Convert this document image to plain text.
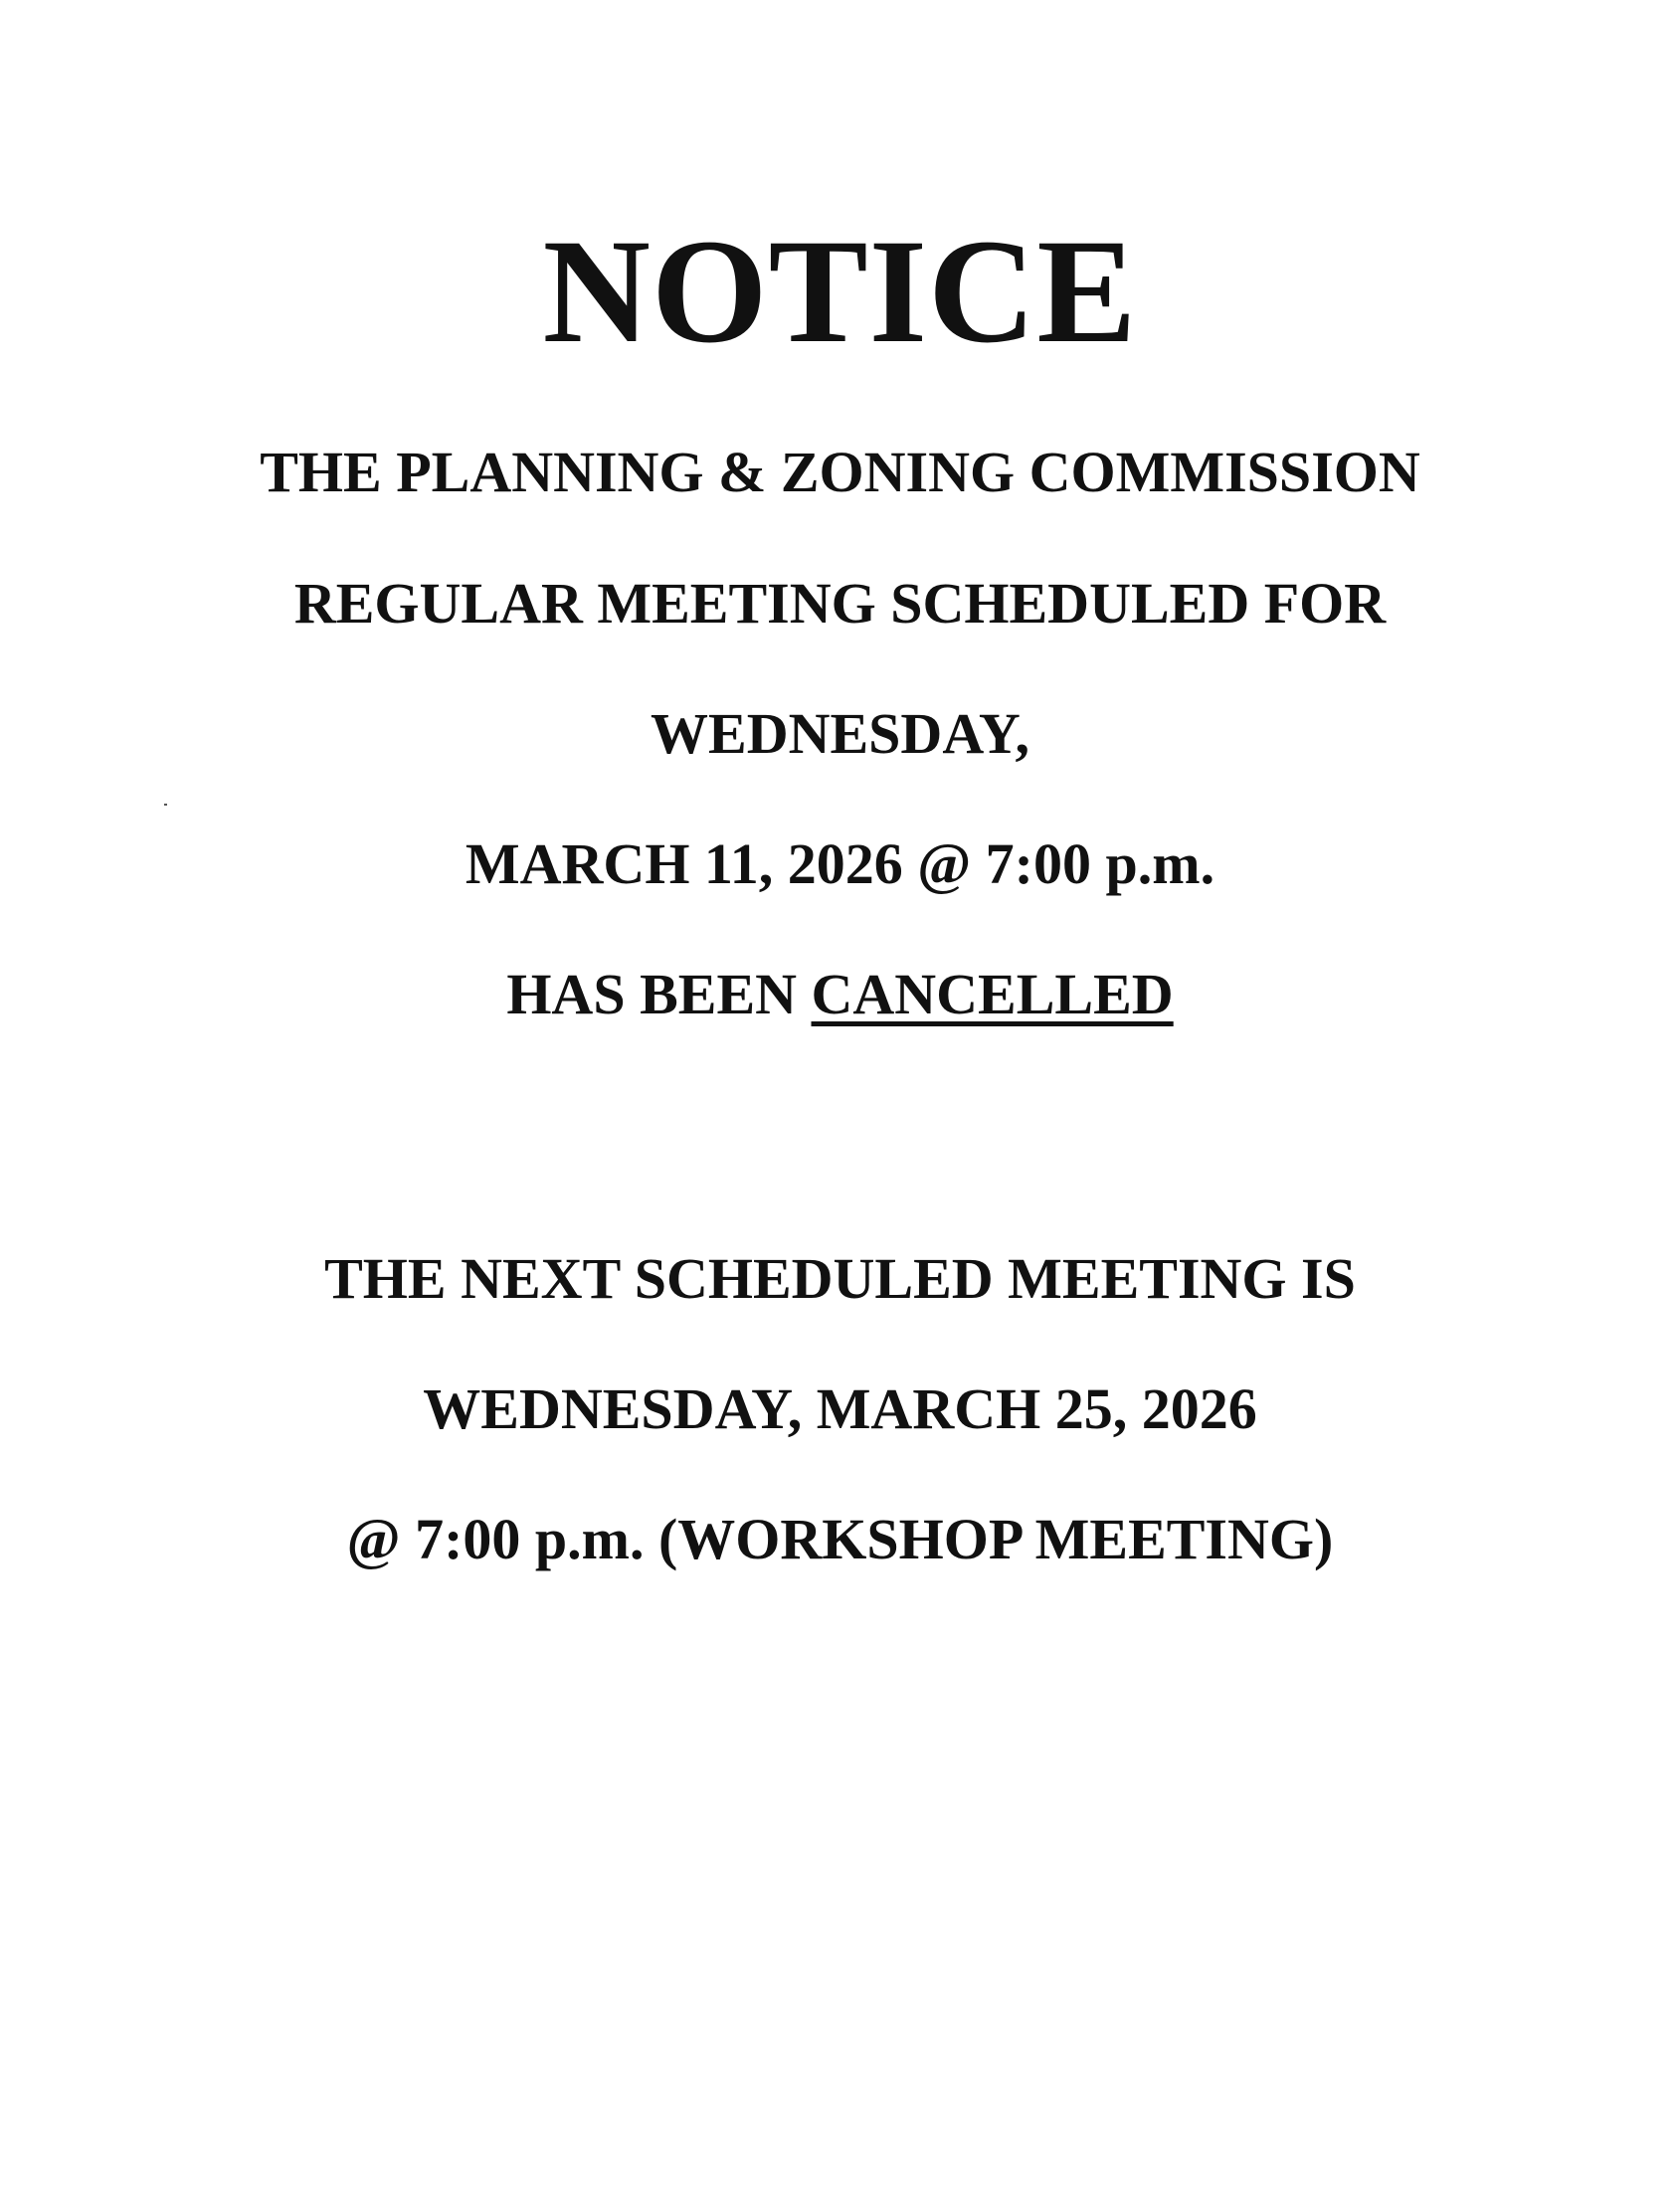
NOTICE
THE PLANNING & ZONING COMMISSION
REGULAR MEETING SCHEDULED FOR
WEDNESDAY,
MARCH 11, 2026 @ 7:00 p.m.
HAS BEEN CANCELLED
THE NEXT SCHEDULED MEETING IS
WEDNESDAY, MARCH 25, 2026
@ 7:00 p.m. (WORKSHOP MEETING)
